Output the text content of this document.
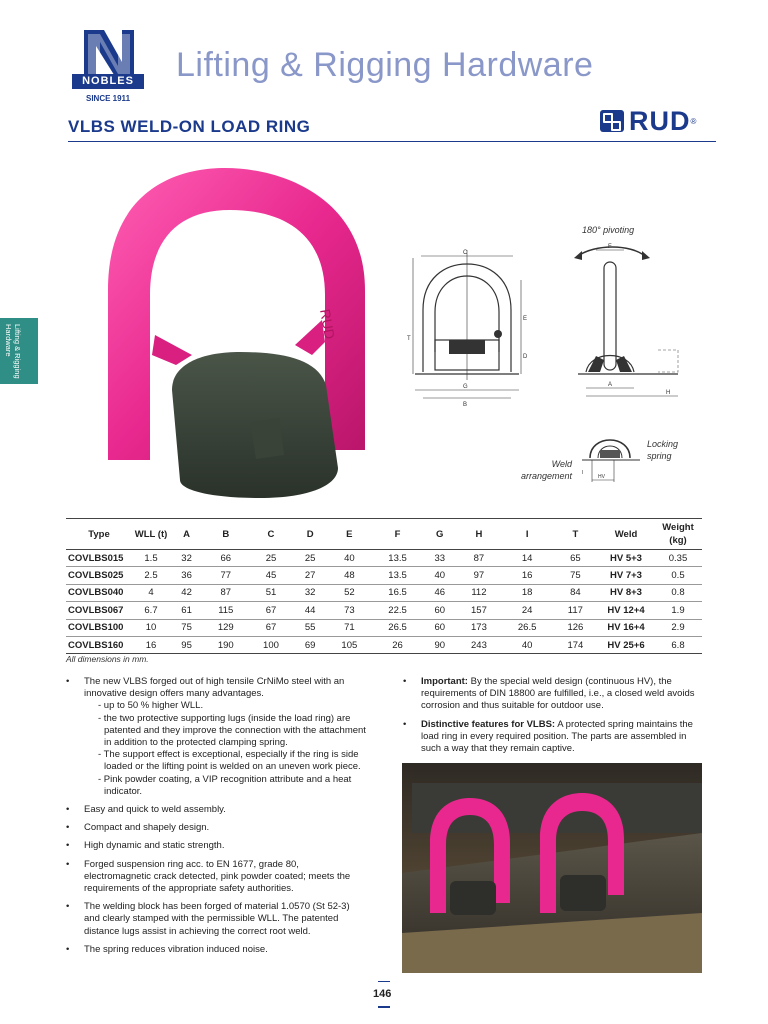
NOBLES
SINCE 1911
Lifting & Rigging Hardware
VLBS WELD-ON LOAD RING	RUD ®
Lifting & Rigging Hardware	RUD
C
E
T
D
G
B
180° pivoting
F
A
H
HV
I
Locking spring
Weld arrangement
Type	WLL (t)	A	B	C	D	E	F	G	H	I	T	Weld	Weight (kg)
COVLBS015	1.5	32	66	25	25	40	13.5	33	87	14	65	HV 5+3	0.35
COVLBS025	2.5	36	77	45	27	48	13.5	40	97	16	75	HV 7+3	0.5
COVLBS040	4	42	87	51	32	52	16.5	46	112	18	84	HV 8+3	0.8
COVLBS067	6.7	61	115	67	44	73	22.5	60	157	24	117	HV 12+4	1.9
COVLBS100	10	75	129	67	55	71	26.5	60	173	26.5	126	HV 16+4	2.9
COVLBS160	16	95	190	100	69	105	26	90	243	40	174	HV 25+6	6.8
All dimensions in mm.
• The new VLBS forged out of high tensile CrNiMo steel with an innovative design offers many advantages.
- up to 50 % higher WLL.
- the two protective supporting lugs (inside the load ring) are patented and they improve the connection with the attachment in addition to the protected clamping spring.
- The support effect is exceptional, especially if the ring is side loaded or the lifting point is welded on an uneven work piece.
- Pink powder coating, a VIP recognition attribute and a heat indicator.
• Easy and quick to weld assembly.
• Compact and shapely design.
• High dynamic and static strength.
• Forged suspension ring acc. to EN 1677, grade 80, electromagnetic crack detected, pink powder coated; meets the requirements of the appropriate safety authorities.
• The welding block has been forged of material 1.0570 (St 52-3) and clearly stamped with the permissible WLL. The patented distance lugs assist in achieving the correct root weld.
• The spring reduces vibration induced noise.
• Important: By the special weld design (continuous HV), the requirements of DIN 18800 are fulfilled, i.e., a closed weld avoids corrosion and thus suitable for outdoor use.
• Distinctive features for VLBS: A protected spring maintains the load ring in every required position. The parts are assembled in such a way that they remain captive.
146
